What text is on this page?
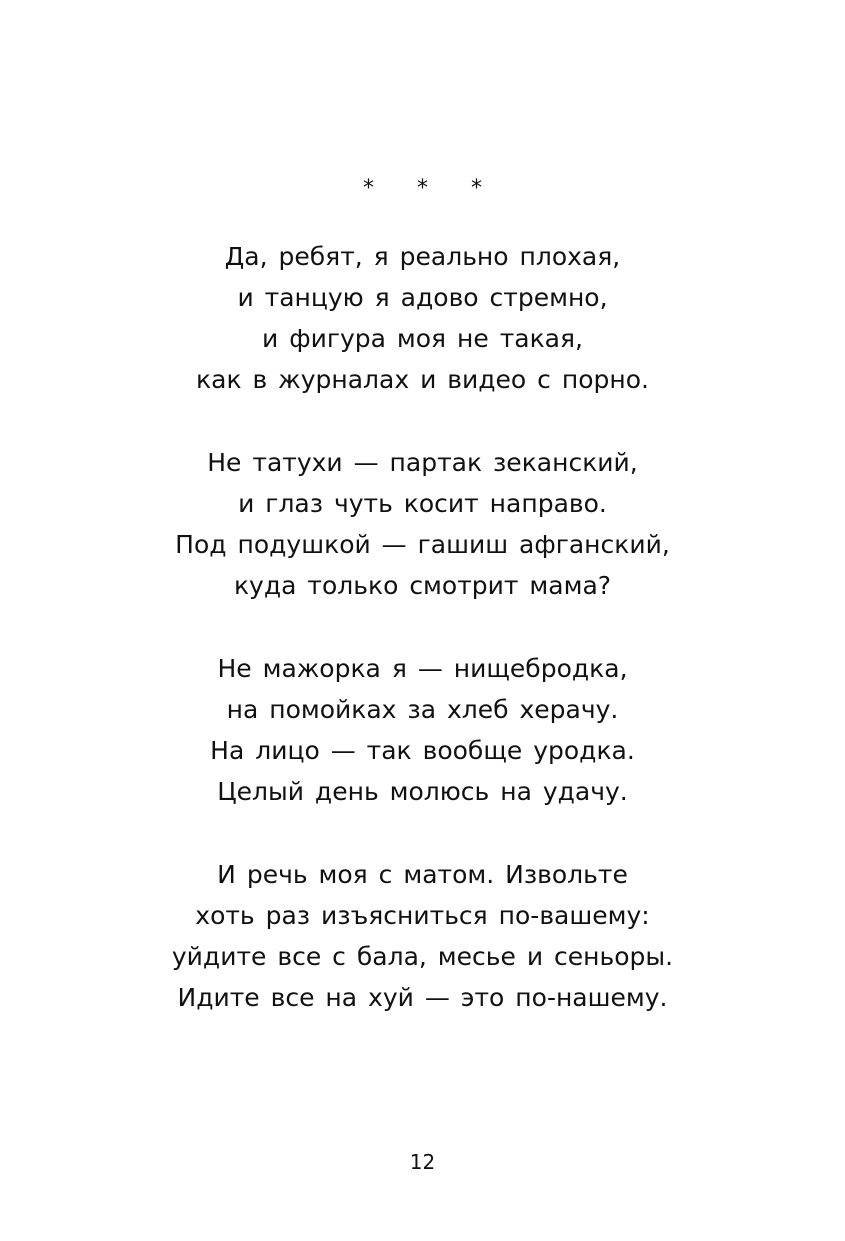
* * *
Да, ребят, я реально плохая,
и танцую я адово стремно,
и фигура моя не такая,
как в журналах и видео с порно.
Не татухи — партак зеканский,
и глаз чуть косит направо.
Под подушкой — гашиш афганский,
куда только смотрит мама?
Не мажорка я — нищебродка,
на помойках за хлеб херачу.
На лицо — так вообще уродка.
Целый день молюсь на удачу.
И речь моя с матом. Извольте
хоть раз изъясниться по-вашему:
уйдите все с бала, месье и сеньоры.
Идите все на хуй — это по-нашему.
12
